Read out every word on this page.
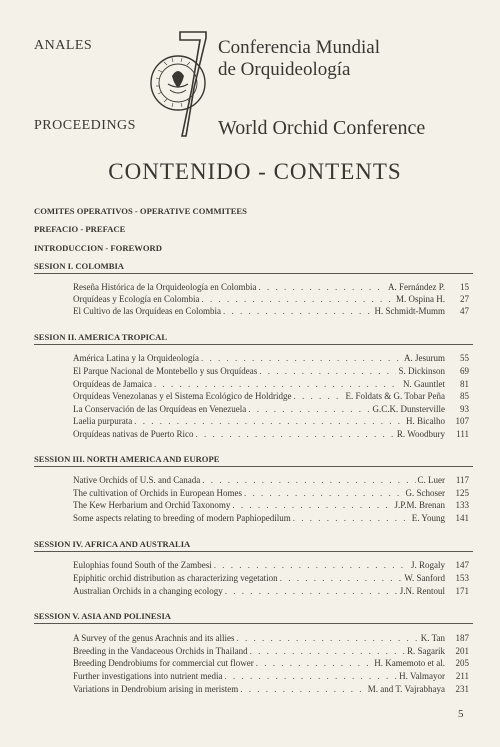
ANALES
PROCEEDINGS
Conferencia Mundial
de Orquideología
World Orchid Conference
CONTENIDO - CONTENTS
COMITES OPERATIVOS - OPERATIVE COMMITEES
PREFACIO - PREFACE
INTRODUCCION - FOREWORD
SESION I. COLOMBIA
Reseña Histórica de la Orquideología en Colombia . . .	A. Fernández P.	15
Orquídeas y Ecología en Colombia . . .	M. Ospina H.	27
El Cultivo de las Orquídeas en Colombia . . .	H. Schmidt-Mumm	47
SESION II. AMERICA TROPICAL
América Latina y la Orquideología . . .	A. Jesurum	55
El Parque Nacional de Montebello y sus Orquídeas . . .	S. Dickinson	69
Orquídeas de Jamaica . . .	N. Gauntlet	81
Orquídeas Venezolanas y el Sistema Ecológico de Holdridge . . .	E. Foldats & G. Tobar Peña	85
La Conservación de las Orquídeas en Venezuela . . .	G.C.K. Dunsterville	93
Laelia purpurata . . .	H. Bicalho	107
Orquídeas nativas de Puerto Rico . . .	R. Woodbury	111
SESSION III. NORTH AMERICA AND EUROPE
Native Orchids of U.S. and Canada . . .	C. Luer	117
The cultivation of Orchids in European Homes . . .	G. Schoser	125
The Kew Herbarium and Orchid Taxonomy . . .	J.P.M. Brenan	133
Some aspects relating to breeding of modern Paphiopedilum . . .	E. Young	141
SESSION IV. AFRICA AND AUSTRALIA
Eulophias found South of the Zambesi . . .	J. Rogaly	147
Epiphitic orchid distribution as characterizing vegetation . . .	W. Sanford	153
Australian Orchids in a changing ecology . . .	J.N. Rentoul	171
SESSION V. ASIA AND POLINESIA
A Survey of the genus Arachnis and its allies . . .	K. Tan	187
Breeding in the Vandaceous Orchids in Thailand . . .	R. Sagarik	201
Breeding Dendrobiums for commercial cut flower . . .	H. Kamemoto et al.	205
Further investigations into nutrient media . . .	H. Valmayor	211
Variations in Dendrobium arising in meristem . . .	M. and T. Vajrabhaya	231
5
